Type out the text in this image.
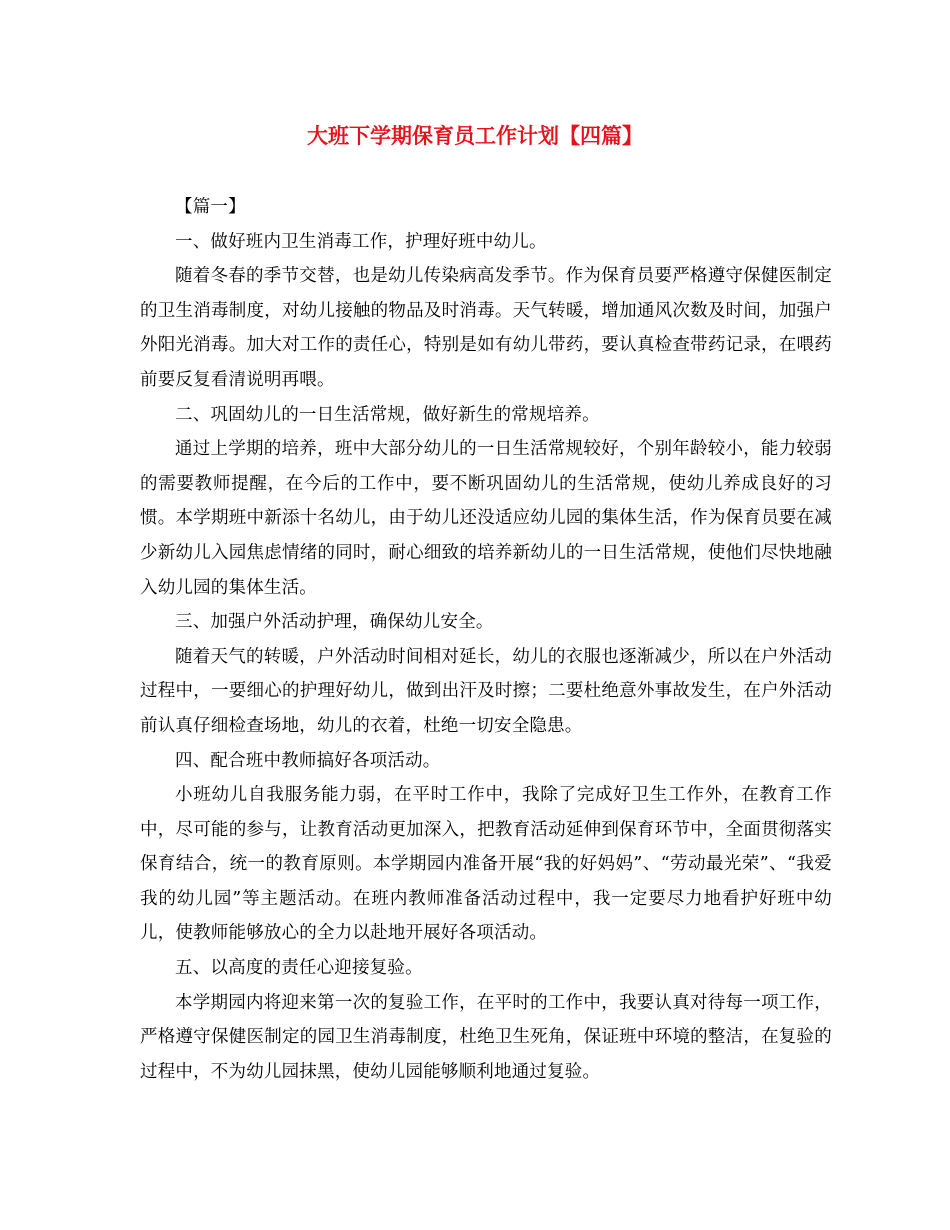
大班下学期保育员工作计划【四篇】

【篇一】

一、做好班内卫生消毒工作，护理好班中幼儿。

随着冬春的季节交替，也是幼儿传染病高发季节。作为保育员要严格遵守保健医制定的卫生消毒制度，对幼儿接触的物品及时消毒。天气转暖，增加通风次数及时间，加强户外阳光消毒。加大对工作的责任心，特别是如有幼儿带药，要认真检查带药记录，在喂药前要反复看清说明再喂。

二、巩固幼儿的一日生活常规，做好新生的常规培养。

通过上学期的培养，班中大部分幼儿的一日生活常规较好，个别年龄较小，能力较弱的需要教师提醒，在今后的工作中，要不断巩固幼儿的生活常规，使幼儿养成良好的习惯。本学期班中新添十名幼儿，由于幼儿还没适应幼儿园的集体生活，作为保育员要在减少新幼儿入园焦虑情绪的同时，耐心细致的培养新幼儿的一日生活常规，使他们尽快地融入幼儿园的集体生活。

三、加强户外活动护理，确保幼儿安全。

随着天气的转暖，户外活动时间相对延长，幼儿的衣服也逐渐减少，所以在户外活动过程中，一要细心的护理好幼儿，做到出汗及时擦；二要杜绝意外事故发生，在户外活动前认真仔细检查场地，幼儿的衣着，杜绝一切安全隐患。

四、配合班中教师搞好各项活动。

小班幼儿自我服务能力弱，在平时工作中，我除了完成好卫生工作外，在教育工作中，尽可能的参与，让教育活动更加深入，把教育活动延伸到保育环节中，全面贯彻落实保育结合，统一的教育原则。本学期园内准备开展“我的好妈妈”、“劳动最光荣”、“我爱我的幼儿园”等主题活动。在班内教师准备活动过程中，我一定要尽力地看护好班中幼儿，使教师能够放心的全力以赴地开展好各项活动。

五、以高度的责任心迎接复验。

本学期园内将迎来第一次的复验工作，在平时的工作中，我要认真对待每一项工作，严格遵守保健医制定的园卫生消毒制度，杜绝卫生死角，保证班中环境的整洁，在复验的过程中，不为幼儿园抹黑，使幼儿园能够顺利地通过复验。
